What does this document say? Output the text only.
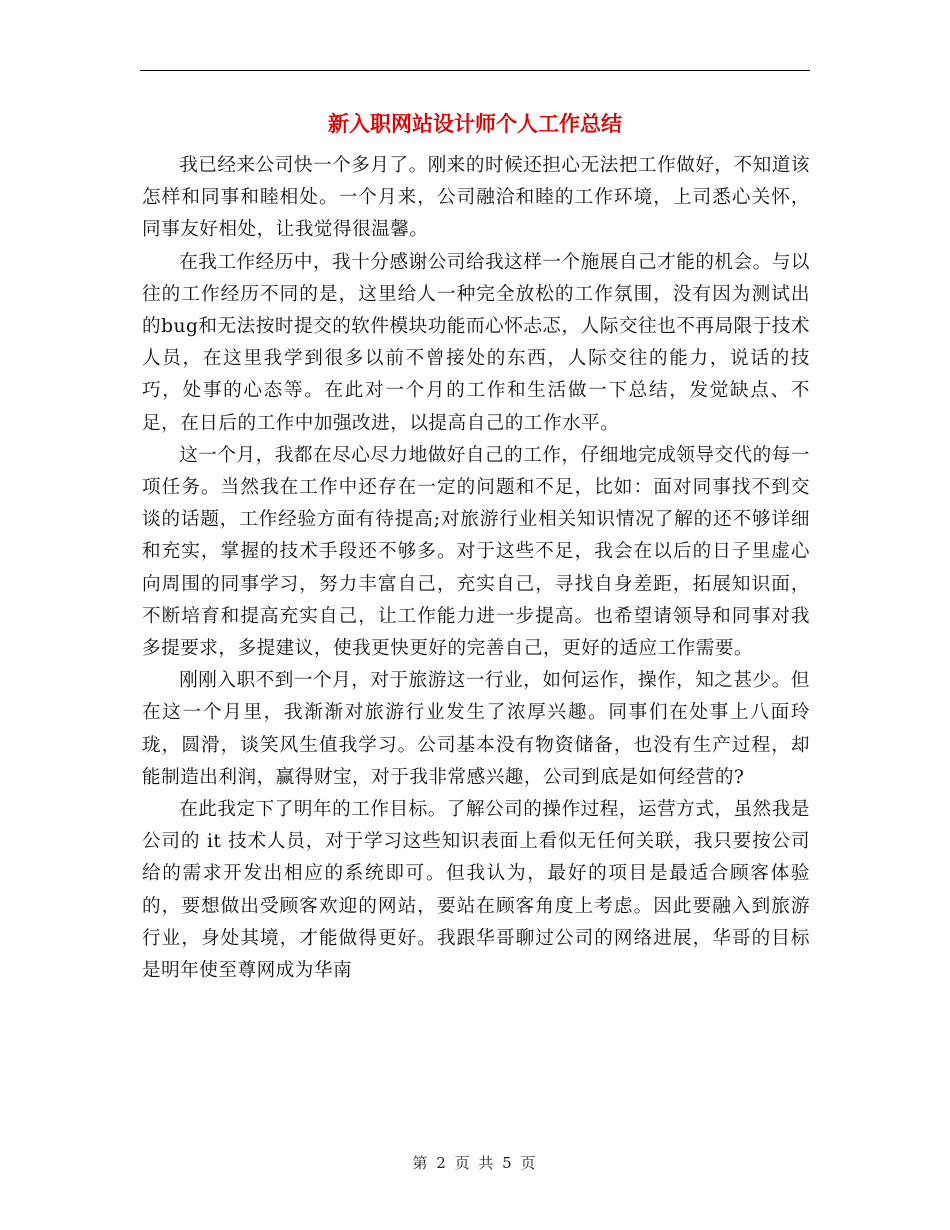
新入职网站设计师个人工作总结

我已经来公司快一个多月了。刚来的时候还担心无法把工作做好，不知道该怎样和同事和睦相处。一个月来，公司融洽和睦的工作环境，上司悉心关怀，同事友好相处，让我觉得很温馨。

在我工作经历中，我十分感谢公司给我这样一个施展自己才能的机会。与以往的工作经历不同的是，这里给人一种完全放松的工作氛围，没有因为测试出的bug和无法按时提交的软件模块功能而心怀忐忑，人际交往也不再局限于技术人员，在这里我学到很多以前不曾接处的东西，人际交往的能力，说话的技巧，处事的心态等。在此对一个月的工作和生活做一下总结，发觉缺点、不足，在日后的工作中加强改进，以提高自己的工作水平。

这一个月，我都在尽心尽力地做好自己的工作，仔细地完成领导交代的每一项任务。当然我在工作中还存在一定的问题和不足，比如：面对同事找不到交谈的话题，工作经验方面有待提高;对旅游行业相关知识情况了解的还不够详细和充实，掌握的技术手段还不够多。对于这些不足，我会在以后的日子里虚心向周围的同事学习，努力丰富自己，充实自己，寻找自身差距，拓展知识面，不断培育和提高充实自己，让工作能力进一步提高。也希望请领导和同事对我多提要求，多提建议，使我更快更好的完善自己，更好的适应工作需要。

刚刚入职不到一个月，对于旅游这一行业，如何运作，操作，知之甚少。但在这一个月里，我渐渐对旅游行业发生了浓厚兴趣。同事们在处事上八面玲珑，圆滑，谈笑风生值我学习。公司基本没有物资储备，也没有生产过程，却能制造出利润，赢得财宝，对于我非常感兴趣，公司到底是如何经营的?

在此我定下了明年的工作目标。了解公司的操作过程，运营方式，虽然我是公司的 it 技术人员，对于学习这些知识表面上看似无任何关联，我只要按公司给的需求开发出相应的系统即可。但我认为，最好的项目是最适合顾客体验的，要想做出受顾客欢迎的网站，要站在顾客角度上考虑。因此要融入到旅游行业，身处其境，才能做得更好。我跟华哥聊过公司的网络进展，华哥的目标是明年使至尊网成为华南

第 2 页 共 5 页
